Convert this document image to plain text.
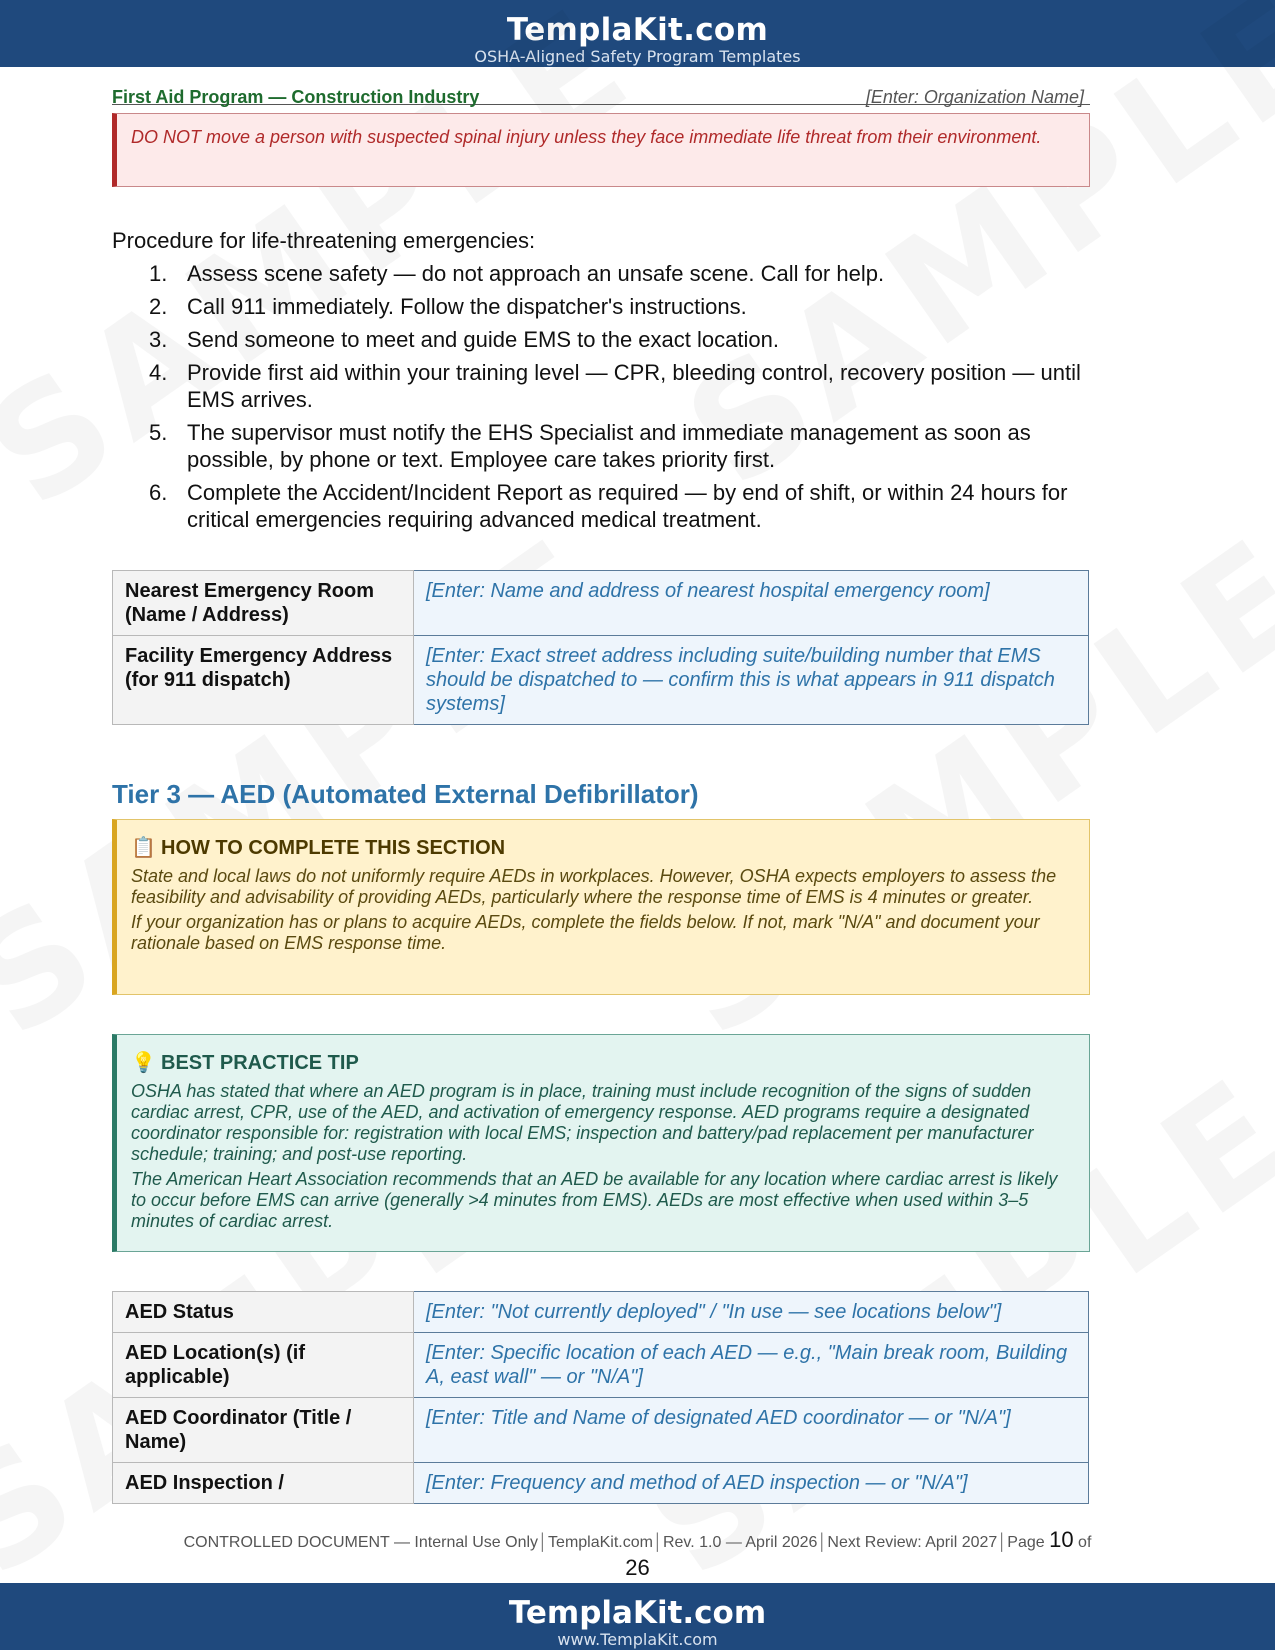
TemplaKit.com
OSHA-Aligned Safety Program Templates
First Aid Program — Construction Industry	[Enter: Organization Name]
DO NOT move a person with suspected spinal injury unless they face immediate life threat from their environment.
Procedure for life-threatening emergencies:
1. Assess scene safety — do not approach an unsafe scene. Call for help.
2. Call 911 immediately. Follow the dispatcher's instructions.
3. Send someone to meet and guide EMS to the exact location.
4. Provide first aid within your training level — CPR, bleeding control, recovery position — until EMS arrives.
5. The supervisor must notify the EHS Specialist and immediate management as soon as possible, by phone or text. Employee care takes priority first.
6. Complete the Accident/Incident Report as required — by end of shift, or within 24 hours for critical emergencies requiring advanced medical treatment.
Nearest Emergency Room (Name / Address)	[Enter: Name and address of nearest hospital emergency room]
Facility Emergency Address (for 911 dispatch)	[Enter: Exact street address including suite/building number that EMS should be dispatched to — confirm this is what appears in 911 dispatch systems]
Tier 3 — AED (Automated External Defibrillator)
📋 HOW TO COMPLETE THIS SECTION

State and local laws do not uniformly require AEDs in workplaces. However, OSHA expects employers to assess the feasibility and advisability of providing AEDs, particularly where the response time of EMS is 4 minutes or greater.

If your organization has or plans to acquire AEDs, complete the fields below. If not, mark "N/A" and document your rationale based on EMS response time.

💡 BEST PRACTICE TIP

OSHA has stated that where an AED program is in place, training must include recognition of the signs of sudden cardiac arrest, CPR, use of the AED, and activation of emergency response. AED programs require a designated coordinator responsible for: registration with local EMS; inspection and battery/pad replacement per manufacturer schedule; training; and post-use reporting.

The American Heart Association recommends that an AED be available for any location where cardiac arrest is likely to occur before EMS can arrive (generally >4 minutes from EMS). AEDs are most effective when used within 3–5 minutes of cardiac arrest.

AED Status	[Enter: "Not currently deployed" / "In use — see locations below"]
AED Location(s) (if applicable)	[Enter: Specific location of each AED — e.g., "Main break room, Building A, east wall" — or "N/A"]
AED Coordinator (Title / Name)	[Enter: Title and Name of designated AED coordinator — or "N/A"]
AED Inspection /	[Enter: Frequency and method of AED inspection — or "N/A"]
CONTROLLED DOCUMENT — Internal Use Only│TemplaKit.com│Rev. 1.0 — April 2026│Next Review: April 2027│Page 10 of
26
TemplaKit.com
www.TemplaKit.com
